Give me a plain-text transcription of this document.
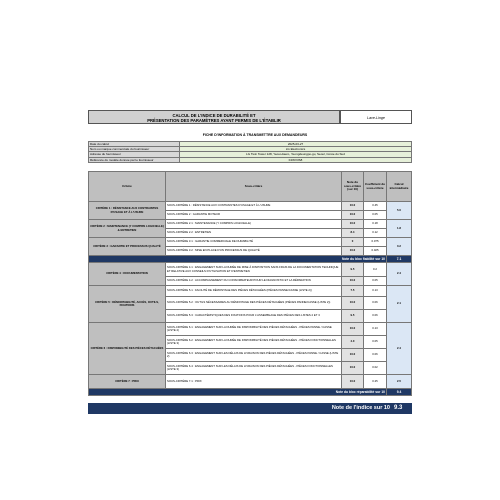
CALCUL DE L'INDICE DE DURABILITÉ ET
PRÉSENTATION DES PARAMÈTRES AYANT PERMIS DE L'ÉTABLIR	Lave-Linge
FICHE D'INFORMATION À TRANSMETTRE AUX DEMANDEURS
Date du calcul	2025-03-27
Nom ou marque commerciale du fournisseur	LG Electronics
Adresse du fournisseur	LG Twin Tower 128, Yeoui-daero, Yeongdeungpo-gu, Seoul, Corée du Sud
Référence du modèle donnée par le fournisseur	F2WV3S8
Critère	Sous-critère	Note du sous-critère (sur 10)	Coefficient du sous-critère	Calcul intermédiaire
CRITÈRE 1 : RÉSISTANCE AUX CONTRAINTES D'USAGE ET À L'USURE	SOUS-CRITÈRE 1 : RÉSISTANCE AUX CONTRAINTES D'USAGE ET À L'USURE	10.0	0.45	5.0
	SOUS-CRITÈRE 2 : GARANTIE MOTEUR	10.0	0.05	
CRITÈRE 2 : MAINTENANCE (Y COMPRIS LOGICIELLE) & ENTRETIEN	SOUS-CRITÈRE 2.1 : MAINTENANCE (Y COMPRIS LOGICIELLE)	10.0	0.18	1.8
	SOUS-CRITÈRE 2.2 : ENTRETIEN	8.4	0.12	
CRITÈRE 3 : GARANTIE ET PROCESSUS QUALITÉ	SOUS-CRITÈRE 3.1 : GARANTIE COMMERCIALE DE DURABILITÉ	0	0.075	0.2
	SOUS-CRITÈRE 3.2 : MISE EN PLACE D'UN PROCESSUS DE QUALITÉ	10.0	0.025	
Note du bloc fiabilité sur 10				7.1
CRITÈRE 4 : DOCUMENTATION	SOUS-CRITÈRE 4.1 : ENGAGEMENT SUR LA DURÉE DE MISE À DISPOSITION SANS FRAIS DE LA DOCUMENTATION TECHNIQUE ET RELATIVE AUX CONSEILS D'UTILISATION ET D'ENTRETIEN	9.5	0.2	2.4
	SOUS-CRITÈRE 4.2 : ACCOMPAGNEMENT DU CONSOMMATEUR POUR LE DIAGNOSTIC ET LA RÉPARATION	10.0	0.05	
CRITÈRE 5 : DÉMONTABILITÉ, ACCÈS, OUTILS, FIXATIONS	SOUS-CRITÈRE 5.1 : FACILITÉ DE DÉMONTAGE DES PIÈCES DÉTACHÉES (PIÈCES PANNE/CASSE (LISTE 2))	7.5	0.13	2.1
	SOUS-CRITÈRE 5.2 : OUTILS NÉCESSAIRES AU DÉMONTAGE DES PIÈCES DÉTACHÉES (PIÈCES PANNE/CASSE (LISTE 2))	10.0	0.06	
	SOUS-CRITÈRE 5.3 : CARACTÉRISTIQUES DES FIXATIONS POUR L'ASSEMBLAGE DES PIÈCES DES LISTES 2 ET 3	9.5	0.06	
CRITÈRE 6 : DISPONIBILITÉ DES PIÈCES DÉTACHÉES	SOUS-CRITÈRE 6.1 : ENGAGEMENT SUR LA DURÉE DE DISPONIBILITÉ DES PIÈCES DÉTACHÉES - PIÈCES PANNE / CASSE (LISTE 2)	10.0	0.13	2.4
	SOUS-CRITÈRE 6.2 : ENGAGEMENT SUR LA DURÉE DE DISPONIBILITÉ DES PIÈCES DÉTACHÉES - PIÈCES FONCTIONNELLES (LISTE 3)	4.0	0.05	
	SOUS-CRITÈRE 6.3 : ENGAGEMENT SUR LES DÉLAIS DE LIVRAISON DES PIÈCES DÉTACHÉES - PIÈCES PANNE / CASSE (LISTE 2)	10.0	0.06	
	SOUS-CRITÈRE 6.4 : ENGAGEMENT SUR LES DÉLAIS DE LIVRAISON DES PIÈCES DÉTACHÉES - PIÈCES FONCTIONNELLES (LISTE 3)	10.0	0.02	
CRITÈRE 7 : PRIX	SOUS-CRITÈRE 7.1 : PRIX	10.0	0.25	2.5
Note du bloc réparabilité sur 10				9.4
Note de l'indice sur 10 9.3
